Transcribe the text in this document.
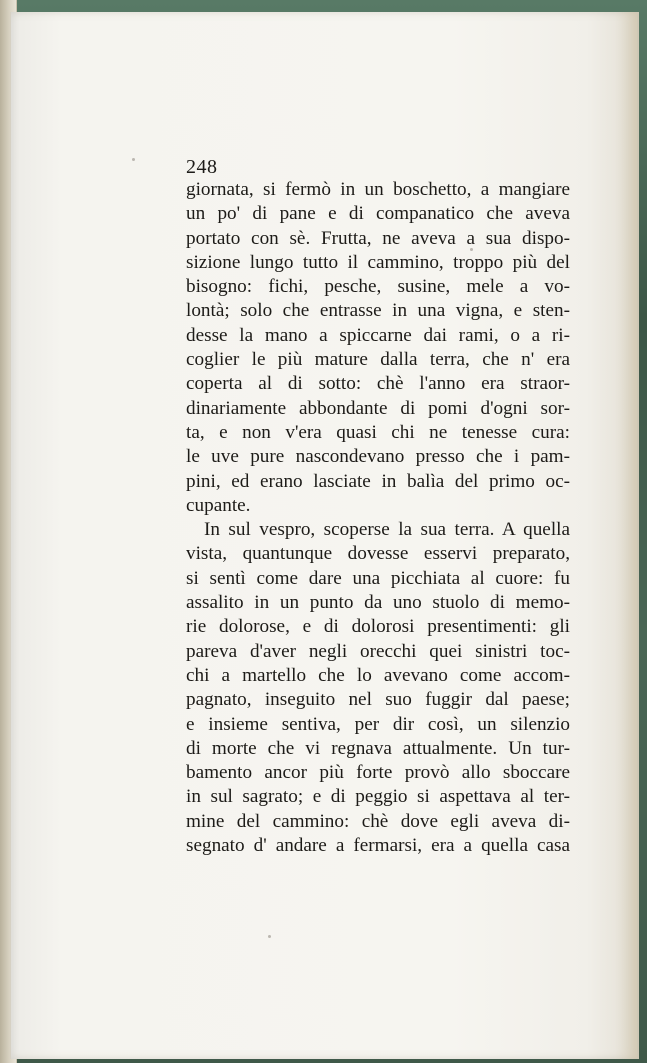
248
giornata, si fermò in un boschetto, a mangiare
un po' di pane e di companatico che aveva
portato con sè. Frutta, ne aveva a sua dispo-
sizione lungo tutto il cammino, troppo più del
bisogno: fichi, pesche, susine, mele a vo-
lontà; solo che entrasse in una vigna, e sten-
desse la mano a spiccarne dai rami, o a ri-
coglier le più mature dalla terra, che n' era
coperta al di sotto: chè l'anno era straor-
dinariamente abbondante di pomi d'ogni sor-
ta, e non v'era quasi chi ne tenesse cura:
le uve pure nascondevano presso che i pam-
pini, ed erano lasciate in balìa del primo oc-
cupante.
In sul vespro, scoperse la sua terra. A quella
vista, quantunque dovesse esservi preparato,
si sentì come dare una picchiata al cuore: fu
assalito in un punto da uno stuolo di memo-
rie dolorose, e di dolorosi presentimenti: gli
pareva d'aver negli orecchi quei sinistri toc-
chi a martello che lo avevano come accom-
pagnato, inseguito nel suo fuggir dal paese;
e insieme sentiva, per dir così, un silenzio
di morte che vi regnava attualmente. Un tur-
bamento ancor più forte provò allo sboccare
in sul sagrato; e di peggio si aspettava al ter-
mine del cammino: chè dove egli aveva di-
segnato d' andare a fermarsi, era a quella casa
